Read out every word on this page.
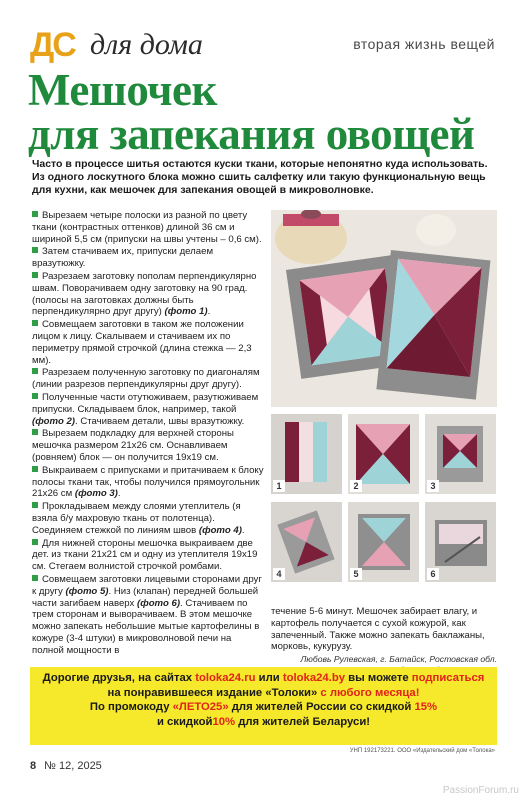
ДС для дома	вторая жизнь вещей
Мешочек
для запекания овощей
Часто в процессе шитья остаются куски ткани, которые непонятно куда использовать. Из одного лоскутного блока можно сшить салфетку или такую функциональную вещь для кухни, как мешочек для запекания овощей в микроволновке.

Вырезаем четыре полоски из разной по цвету ткани (контрастных оттенков) длиной 36 см и шириной 5,5 см (припуски на швы учтены – 0,6 см).

Затем стачиваем их, припуски делаем вразутюжку.

Разрезаем заготовку пополам перпендикулярно швам. Поворачиваем одну заготовку на 90 град. (полосы на заготовках должны быть перпендикулярно друг другу) (фото 1).

Совмещаем заготовки в таком же положении лицом к лицу. Скалываем и стачиваем их по периметру прямой строчкой (длина стежка — 2,3 мм).

Разрезаем полученную заготовку по диагоналям (линии разрезов перпендикулярны друг другу).

Полученные части отутюживаем, разутюживаем припуски. Складываем блок, например, такой (фото 2). Стачиваем детали, швы вразутюжку.

Вырезаем подкладку для верхней стороны мешочка размером 21х26 см. Оснавливаем (ровняем) блок — он получится 19х19 см.

Выкраиваем с припусками и притачиваем к блоку полосы ткани так, чтобы получился прямоугольник 21х26 см (фото 3).

Прокладываем между слоями утеплитель (я взяла б/у махровую ткань от полотенца). Соединяем стежкой по линиям швов (фото 4).

Для нижней стороны мешочка выкраиваем две дет. из ткани 21х21 см и одну из утеплителя 19х19 см. Стегаем волнистой строчкой ромбами.

Совмещаем заготовки лицевыми сторонами друг к другу (фото 5). Низ (клапан) передней большей части загибаем наверх (фото 6). Стачиваем по трем сторонам и выворачиваем. В этом мешочке можно запекать небольшие мытые картофелины в кожуре (3-4 штуки) в микроволновой печи на полной мощности в

1	2	3
4	5	6
течение 5-6 минут. Мешочек забирает влагу, и картофель получается с сухой кожурой, как запеченный. Также можно запекать баклажаны, морковь, кукурузу.
Любовь Рулевская, г. Батайск, Ростовская обл.
Дорогие друзья, на сайтах toloka24.ru или toloka24.by вы можете подписаться
на понравившееся издание «Толоки» с любого месяца!
По промокоду «ЛЕТО25» для жителей России со скидкой 15%
и скидкой10% для жителей Беларуси!
УНП 192173221. ООО «Издательский дом «Толока»
8 № 12, 2025
PassionForum.ru
